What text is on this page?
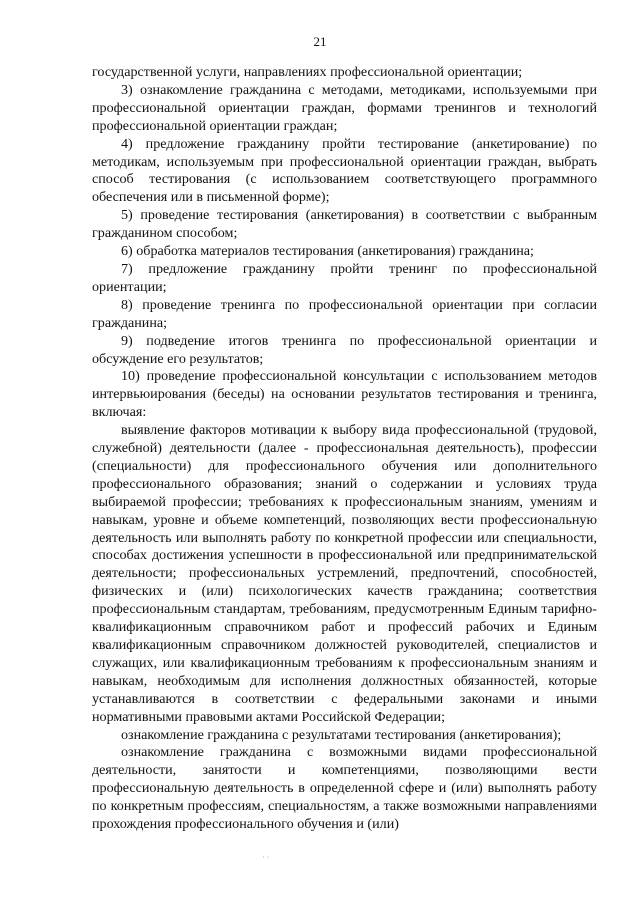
21

государственной услуги, направлениях профессиональной ориентации;

3) ознакомление гражданина с методами, методиками, используемыми при профессиональной ориентации граждан, формами тренингов и технологий профессиональной ориентации граждан;

4) предложение гражданину пройти тестирование (анкетирование) по методикам, используемым при профессиональной ориентации граждан, выбрать способ тестирования (с использованием соответствующего программного обеспечения или в письменной форме);

5) проведение тестирования (анкетирования) в соответствии с выбранным гражданином способом;

6) обработка материалов тестирования (анкетирования) гражданина;

7) предложение гражданину пройти тренинг по профессиональной ориентации;

8) проведение тренинга по профессиональной ориентации при согласии гражданина;

9) подведение итогов тренинга по профессиональной ориентации и обсуждение его результатов;

10) проведение профессиональной консультации с использованием методов интервьюирования (беседы) на основании результатов тестирования и тренинга, включая:

выявление факторов мотивации к выбору вида профессиональной (трудовой, служебной) деятельности (далее - профессиональная деятельность), профессии (специальности) для профессионального обучения или дополнительного профессионального образования; знаний о содержании и условиях труда выбираемой профессии; требованиях к профессиональным знаниям, умениям и навыкам, уровне и объеме компетенций, позволяющих вести профессиональную деятельность или выполнять работу по конкретной профессии или специальности, способах достижения успешности в профессиональной или предпринимательской деятельности; профессиональных устремлений, предпочтений, способностей, физических и (или) психологических качеств гражданина; соответствия профессиональным стандартам, требованиям, предусмотренным Единым тарифно-квалификационным справочником работ и профессий рабочих и Единым квалификационным справочником должностей руководителей, специалистов и служащих, или квалификационным требованиям к профессиональным знаниям и навыкам, необходимым для исполнения должностных обязанностей, которые устанавливаются в соответствии с федеральными законами и иными нормативными правовыми актами Российской Федерации;

ознакомление гражданина с результатами тестирования (анкетирования);

ознакомление гражданина с возможными видами профессиональной деятельности, занятости и компетенциями, позволяющими вести профессиональную деятельность в определенной сфере и (или) выполнять работу по конкретным профессиям, специальностям, а также возможными направлениями прохождения профессионального обучения и (или)

· ·
